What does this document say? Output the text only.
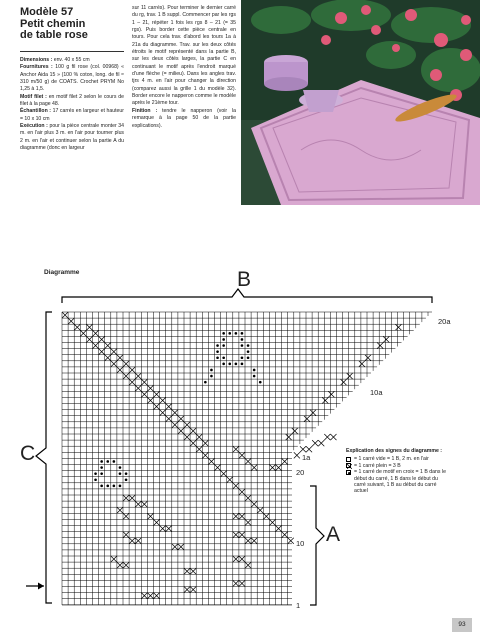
Modèle 57
Petit chemin
de table rose

Dimensions : env. 40 x 55 cm

Fournitures : 100 g fil rose (col. 00968) « Anchor Aida 15 » (100 % coton, long. de fil ≈ 310 m/50 g) de COATS. Crochet PRYM No 1,25 à 1,5.

Motif filet : en motif filet 2 selon le cours de filet à la page 48.

Échantillon : 17 carrés en largeur et hauteur = 10 x 10 cm

Exécution : pour la pièce centrale monter 34 m. en l'air plus 3 m. en l'air pour tourner plus 2 m. en l'air et continuer selon la partie A du diagramme (donc en largeur

sur 11 carrés). Pour terminer le dernier carré du rg, trav. 1 B suppl. Commencer par les rgs 1 – 21, répéter 1 fois les rgs 8 – 21 (= 35 rgs). Puis border cette pièce centrale en tours. Pour cela trav. d'abord les tours 1a à 21a du diagramme. Trav. sur les deux côtés étroits le motif représenté dans la partie B, sur les deux côtés larges, la partie C en continuant le motif après l'endroit marqué d'une flèche (= milieu). Dans les angles trav. tjrs 4 m. en l'air pour changer la direction (comparez aussi la grille 1 du modèle 32). Border encore le napperon comme le modèle après le 21ème tour.

Finition : tendre le napperon (voir la remarque à la page 50 de la partie explications).

Diagramme	B
C
A
20a
10a
1a
20
10
1
Explication des signes du diagramme :
= 1 carré vide = 1 B, 2 m. en l'air
= 1 carré plein = 3 B
= 1 carré de motif en croix = 1 B dans le début du carré, 1 B dans le début du carré suivant, 1 B au début du carré actuel
93
